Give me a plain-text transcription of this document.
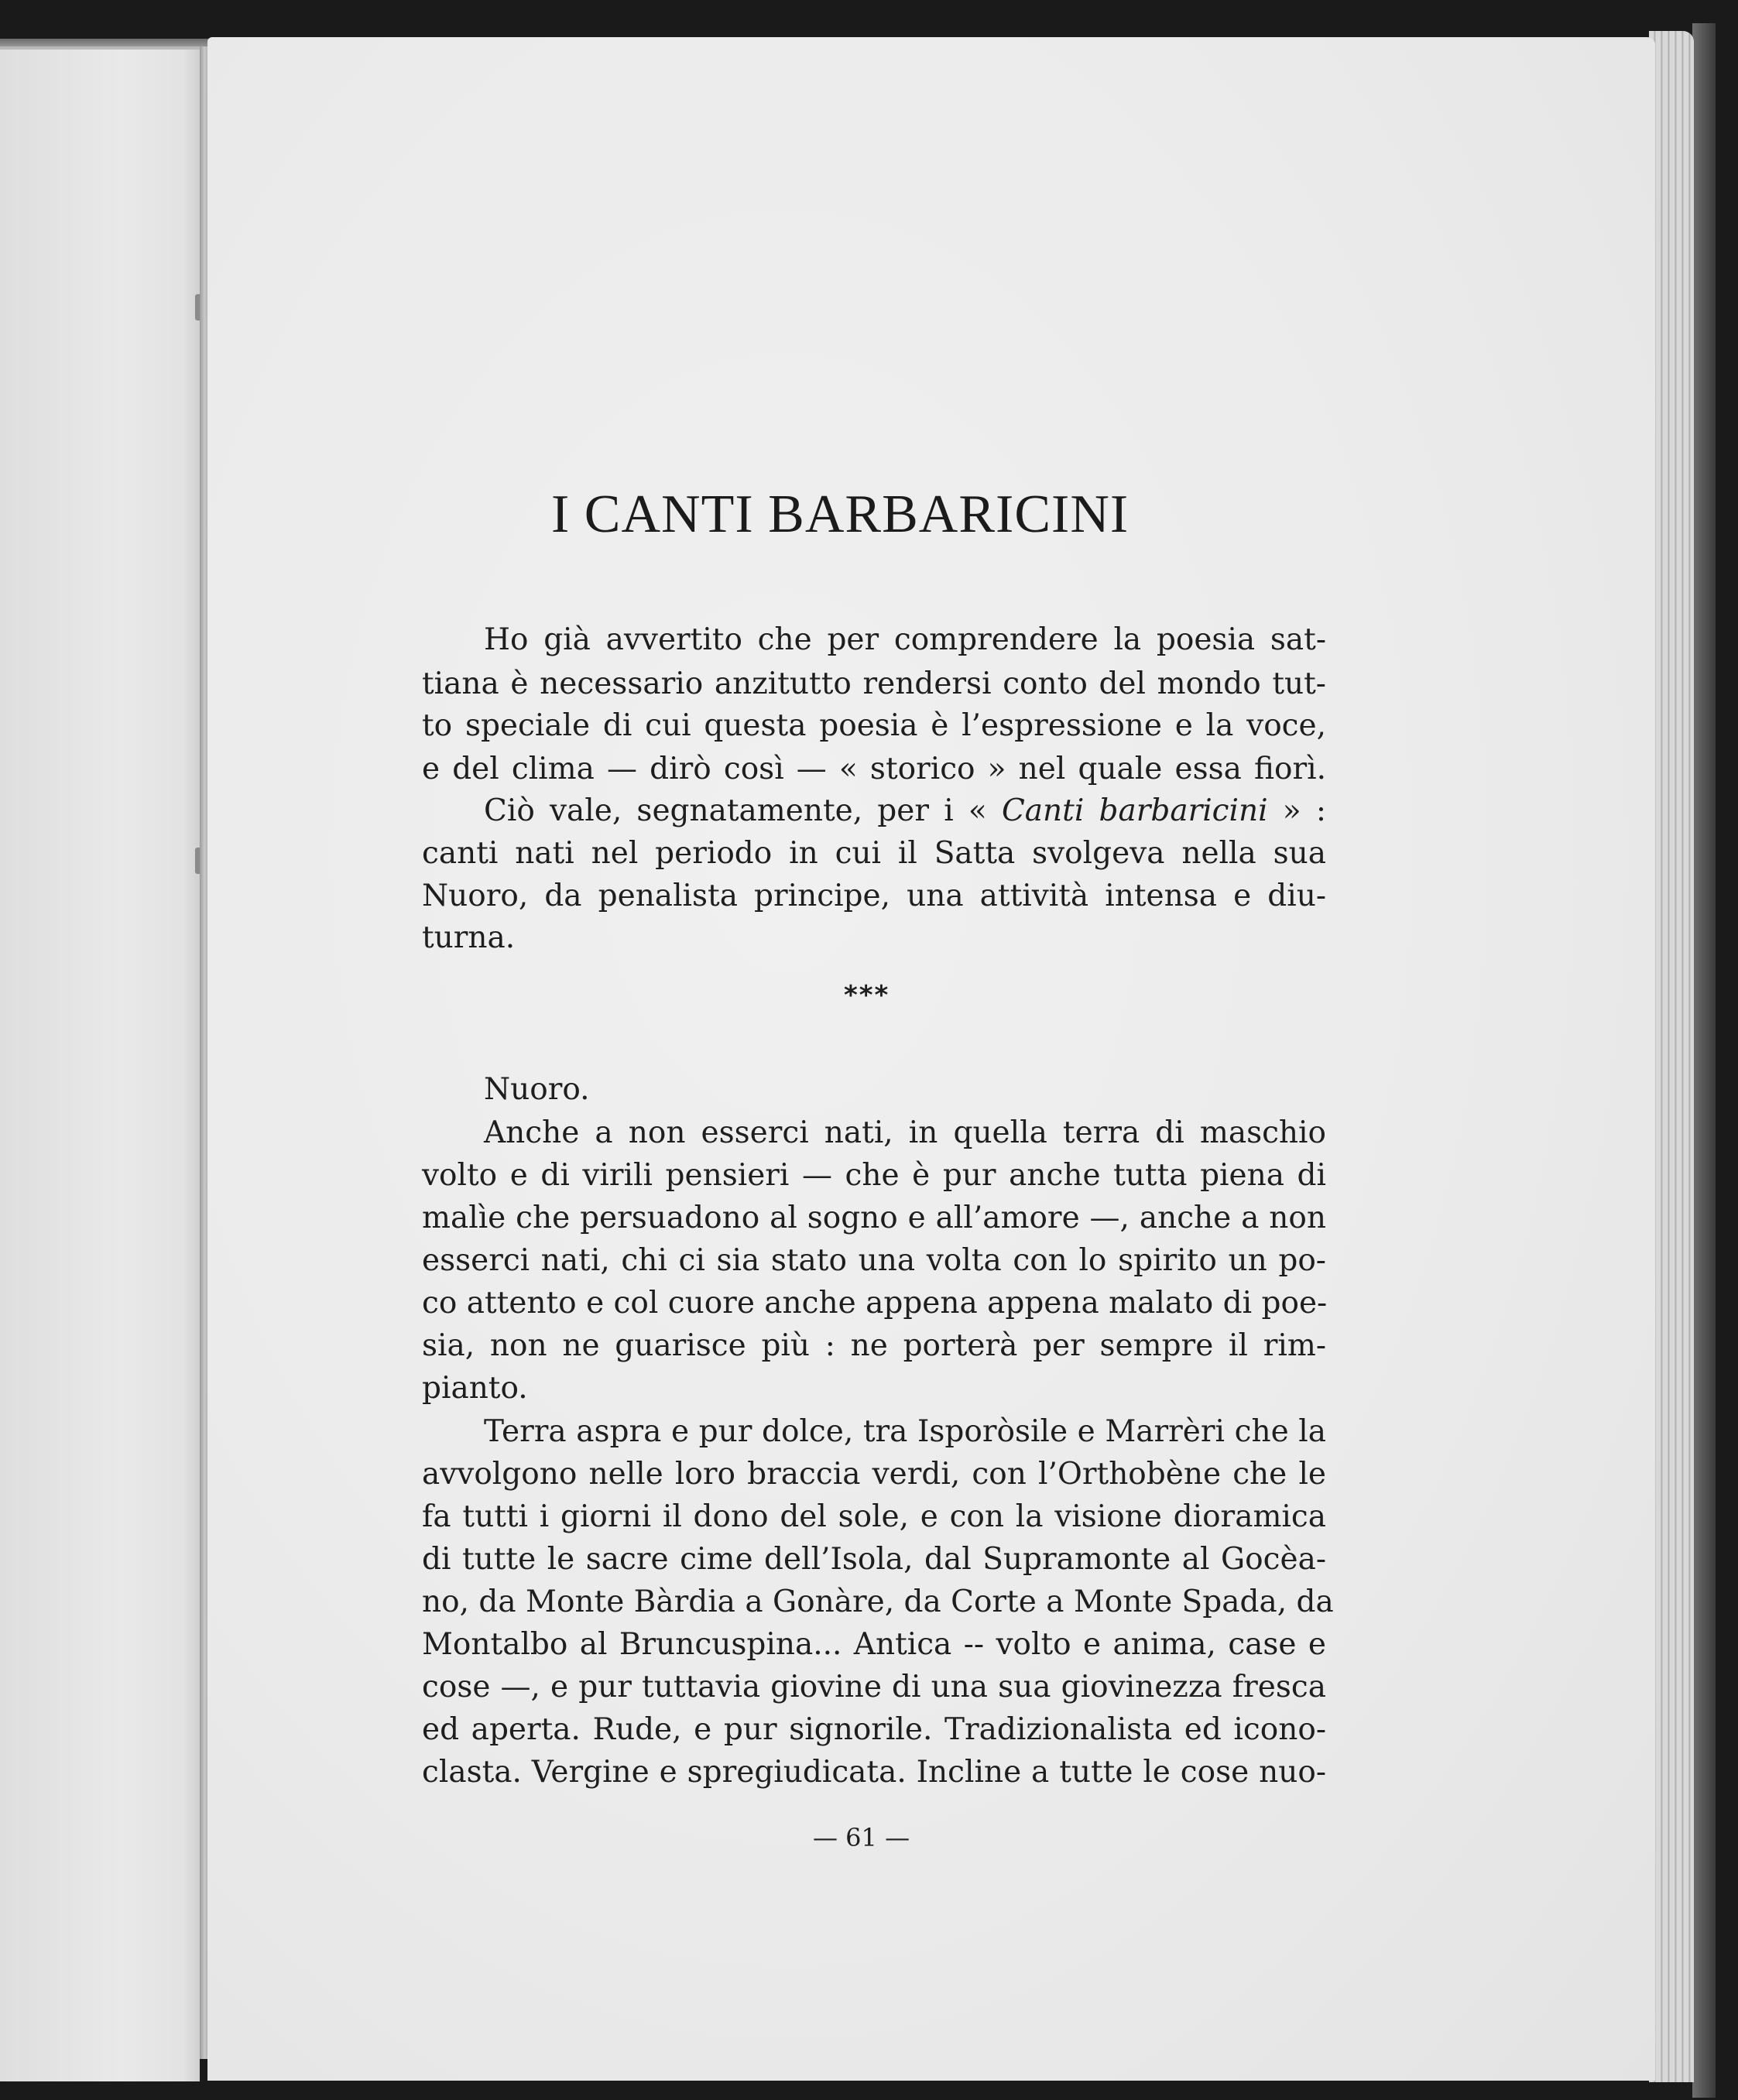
I CANTI BARBARICINI

Ho già avvertito che per comprendere la poesia sat-

tiana è necessario anzitutto rendersi conto del mondo tut-

to speciale di cui questa poesia è l’espressione e la voce,

e del clima — dirò così — « storico » nel quale essa fiorì.

Ciò vale, segnatamente, per i « Canti barbaricini » :

canti nati nel periodo in cui il Satta svolgeva nella sua

Nuoro, da penalista principe, una attività intensa e diu-

turna.

***

Nuoro.

Anche a non esserci nati, in quella terra di maschio

volto e di virili pensieri — che è pur anche tutta piena di

malìe che persuadono al sogno e all’amore —, anche a non

esserci nati, chi ci sia stato una volta con lo spirito un po-

co attento e col cuore anche appena appena malato di poe-

sia, non ne guarisce più : ne porterà per sempre il rim-

pianto.

Terra aspra e pur dolce, tra Isporòsile e Marrèri che la

avvolgono nelle loro braccia verdi, con l’Orthobène che le

fa tutti i giorni il dono del sole, e con la visione dioramica

di tutte le sacre cime dell’Isola, dal Supramonte al Gocèa-

no, da Monte Bàrdia a Gonàre, da Corte a Monte Spada, da

Montalbo al Bruncuspina... Antica -- volto e anima, case e

cose —, e pur tuttavia giovine di una sua giovinezza fresca

ed aperta. Rude, e pur signorile. Tradizionalista ed icono-

clasta. Vergine e spregiudicata. Incline a tutte le cose nuo-

— 61 —
